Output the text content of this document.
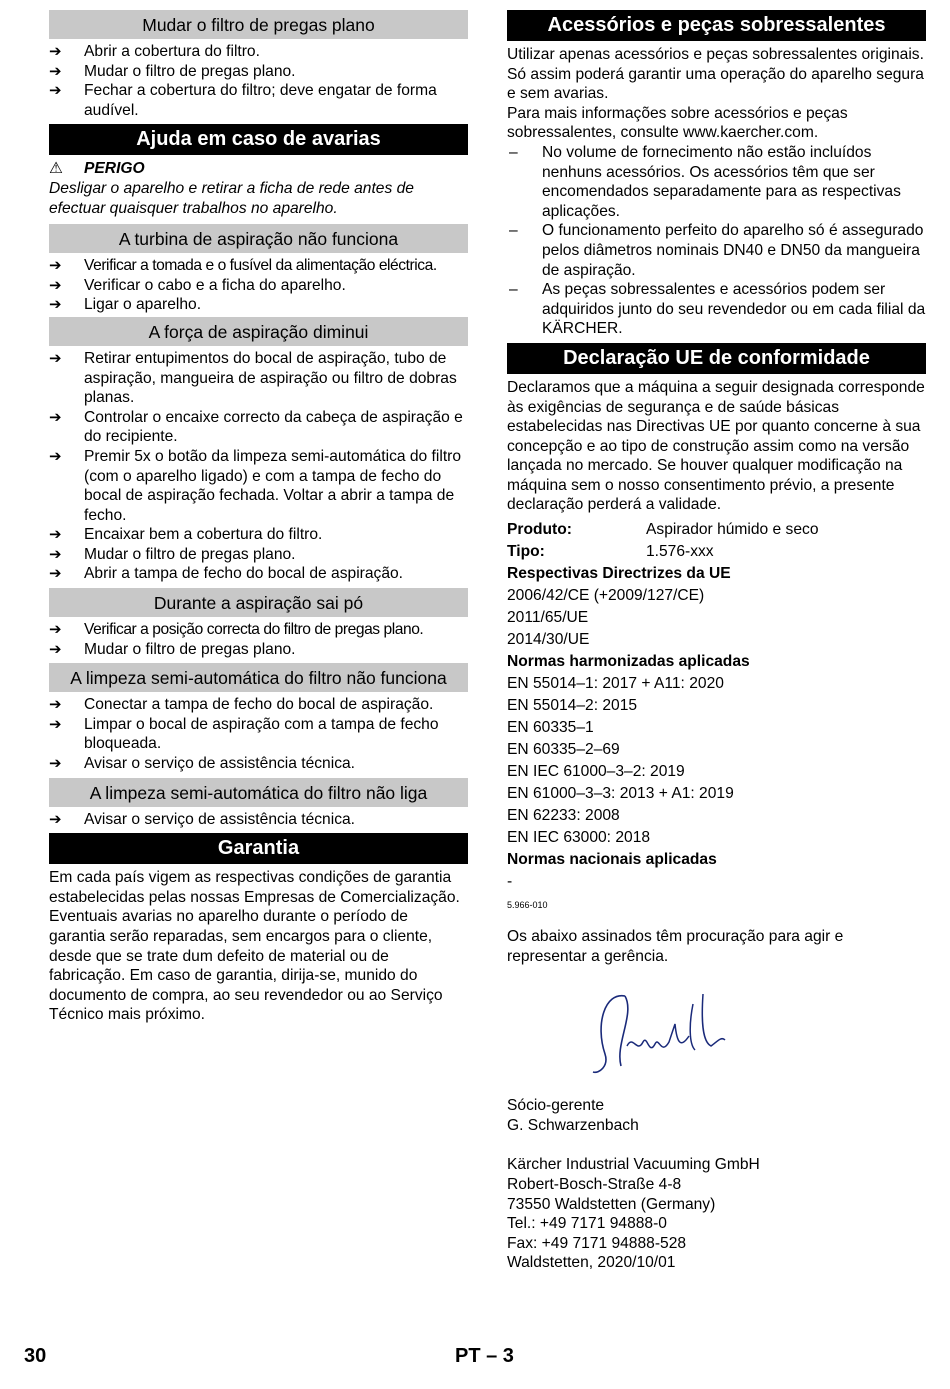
Mudar o filtro de pregas plano
➔	Abrir a cobertura do filtro.
➔	Mudar o filtro de pregas plano.
➔	Fechar a cobertura do filtro; deve engatar de forma audível.
Ajuda em caso de avarias
⚠ PERIGO
Desligar o aparelho e retirar a ficha de rede antes de efectuar quaisquer trabalhos no aparelho.
A turbina de aspiração não funciona
➔	Verificar a tomada e o fusível da alimentação eléctrica.
➔	Verificar o cabo e a ficha do aparelho.
➔	Ligar o aparelho.
A força de aspiração diminui
➔	Retirar entupimentos do bocal de aspiração, tubo de aspiração, mangueira de aspiração ou filtro de dobras planas.
➔	Controlar o encaixe correcto da cabeça de aspiração e do recipiente.
➔	Premir 5x o botão da limpeza semi-automática do filtro (com o aparelho ligado) e com a tampa de fecho do bocal de aspiração fechada. Voltar a abrir a tampa de fecho.
➔	Encaixar bem a cobertura do filtro.
➔	Mudar o filtro de pregas plano.
➔	Abrir a tampa de fecho do bocal de aspiração.
Durante a aspiração sai pó
➔	Verificar a posição correcta do filtro de pregas plano.
➔	Mudar o filtro de pregas plano.
A limpeza semi-automática do filtro não funciona
➔	Conectar a tampa de fecho do bocal de aspiração.
➔	Limpar o bocal de aspiração com a tampa de fecho bloqueada.
➔	Avisar o serviço de assistência técnica.
A limpeza semi-automática do filtro não liga
➔	Avisar o serviço de assistência técnica.
Garantia

Em cada país vigem as respectivas condições de garantia estabelecidas pelas nossas Empresas de Comercialização. Eventuais avarias no aparelho durante o período de garantia serão reparadas, sem encargos para o cliente, desde que se trate dum defeito de material ou de fabricação. Em caso de garantia, dirija-se, munido do documento de compra, ao seu revendedor ou ao Serviço Técnico mais próximo.

Acessórios e peças sobressalentes

Utilizar apenas acessórios e peças sobressalentes originais. Só assim poderá garantir uma operação do aparelho segura e sem avarias.

Para mais informações sobre acessórios e peças sobressalentes, consulte www.kaercher.com.

–	No volume de fornecimento não estão incluídos nenhuns acessórios. Os acessórios têm que ser encomendados separadamente para as respectivas aplicações.
–	O funcionamento perfeito do aparelho só é assegurado pelos diâmetros nominais DN40 e DN50 da mangueira de aspiração.
–	As peças sobressalentes e acessórios podem ser adquiridos junto do seu revendedor ou em cada filial da KÄRCHER.
Declaração UE de conformidade

Declaramos que a máquina a seguir designada corresponde às exigências de segurança e de saúde básicas estabelecidas nas Directivas UE por quanto concerne à sua concepção e ao tipo de construção assim como na versão lançada no mercado. Se houver qualquer modificação na máquina sem o nosso consentimento prévio, a presente declaração perderá a validade.

Produto:	Aspirador húmido e seco
Tipo:	1.576-xxx
Respectivas Directrizes da UE
2006/42/CE (+2009/127/CE)
2011/65/UE
2014/30/UE
Normas harmonizadas aplicadas
EN 55014–1: 2017 + A11: 2020
EN 55014–2: 2015
EN 60335–1
EN 60335–2–69
EN IEC 61000–3–2: 2019
EN 61000–3–3: 2013 + A1: 2019
EN 62233: 2008
EN IEC 63000: 2018
Normas nacionais aplicadas
-
5.966-010

Os abaixo assinados têm procuração para agir e representar a gerência.

Sócio-gerente
G. Schwarzenbach
Kärcher Industrial Vacuuming GmbH
Robert-Bosch-Straße 4-8
73550 Waldstetten (Germany)
Tel.: +49 7171 94888-0
Fax: +49 7171 94888-528
Waldstetten, 2020/10/01
30	PT – 3
